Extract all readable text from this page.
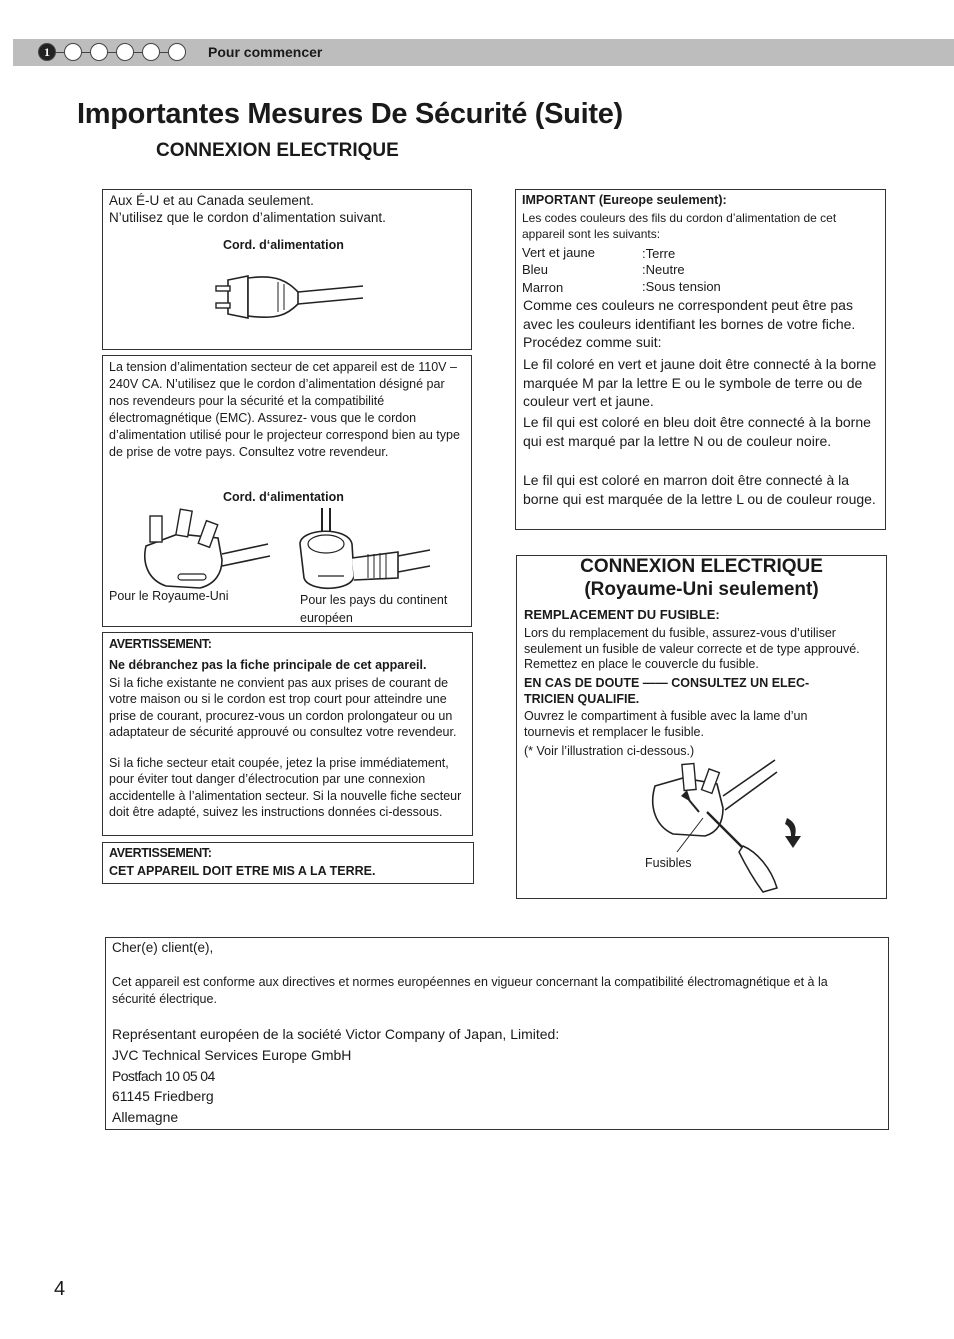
1	Pour commencer
Importantes Mesures De Sécurité (Suite)
CONNEXION ELECTRIQUE
Aux É-U et au Canada seulement.
N’utilisez que le cordon d’alimentation suivant.
Cord. d‘alimentation
La tension d’alimentation secteur de cet appareil est de 110V – 240V CA. N’utilisez que le cordon d’alimentation désigné par nos revendeurs pour la sécurité et la compatibilité électromagnétique (EMC). Assurez- vous que le cordon d’alimentation utilisé pour le projecteur correspond bien au type de prise de votre pays. Consultez votre revendeur.
Cord. d‘alimentation
Pour le Royaume-Uni	Pour les pays du continent européen
AVERTISSEMENT:
Ne débranchez pas la fiche principale de cet appareil.
Si la fiche existante ne convient pas aux prises de courant de votre maison ou si le cordon est trop court pour atteindre une prise de courant, procurez-vous un cordon prolongateur ou un adaptateur de sécurité approuvé ou consultez votre revendeur.
Si la fiche secteur etait coupée, jetez la prise immédiatement, pour éviter tout danger d’électrocution par une connexion accidentelle à l’alimentation secteur. Si la nouvelle fiche secteur doit être adapté, suivez les instructions données ci-dessous.
AVERTISSEMENT:
CET APPAREIL DOIT ETRE MIS A LA TERRE.
IMPORTANT (Eureope seulement):
Les codes couleurs des fils du cordon d’alimentation de cet appareil sont les suivants:
Vert et jaune	:Terre
Bleu	:Neutre
Marron	:Sous tension
Comme ces couleurs ne correspondent peut être pas avec les couleurs identifiant les bornes de votre fiche. Procédez comme suit:
Le fil coloré en vert et jaune doit être connecté à la borne marquée M par la lettre E ou le symbole de terre ou de couleur vert et jaune.
Le fil qui est coloré en bleu doit être connecté à la borne qui est marqué par la lettre N ou de couleur noire.
Le fil qui est coloré en marron doit être connecté à la borne qui est marquée de la lettre L ou de couleur rouge.
CONNEXION ELECTRIQUE
(Royaume-Uni seulement)
REMPLACEMENT DU FUSIBLE:
Lors du remplacement du fusible, assurez-vous d’utiliser seulement un fusible de valeur correcte et de type approuvé. Remettez en place le couvercle du fusible.
EN CAS DE DOUTE —— CONSULTEZ UN ELEC-
TRICIEN QUALIFIE.
Ouvrez le compartiment à fusible avec la lame d’un tournevis et remplacer le fusible.
(* Voir l’illustration ci-dessous.)
Fusibles
Cher(e) client(e),
Cet appareil est conforme aux directives et normes européennes en vigueur concernant la compatibilité électromagnétique et à la sécurité électrique.
Représentant européen de la société Victor Company of Japan, Limited:
JVC Technical Services Europe GmbH
Postfach 10 05 04
61145 Friedberg
Allemagne
4
